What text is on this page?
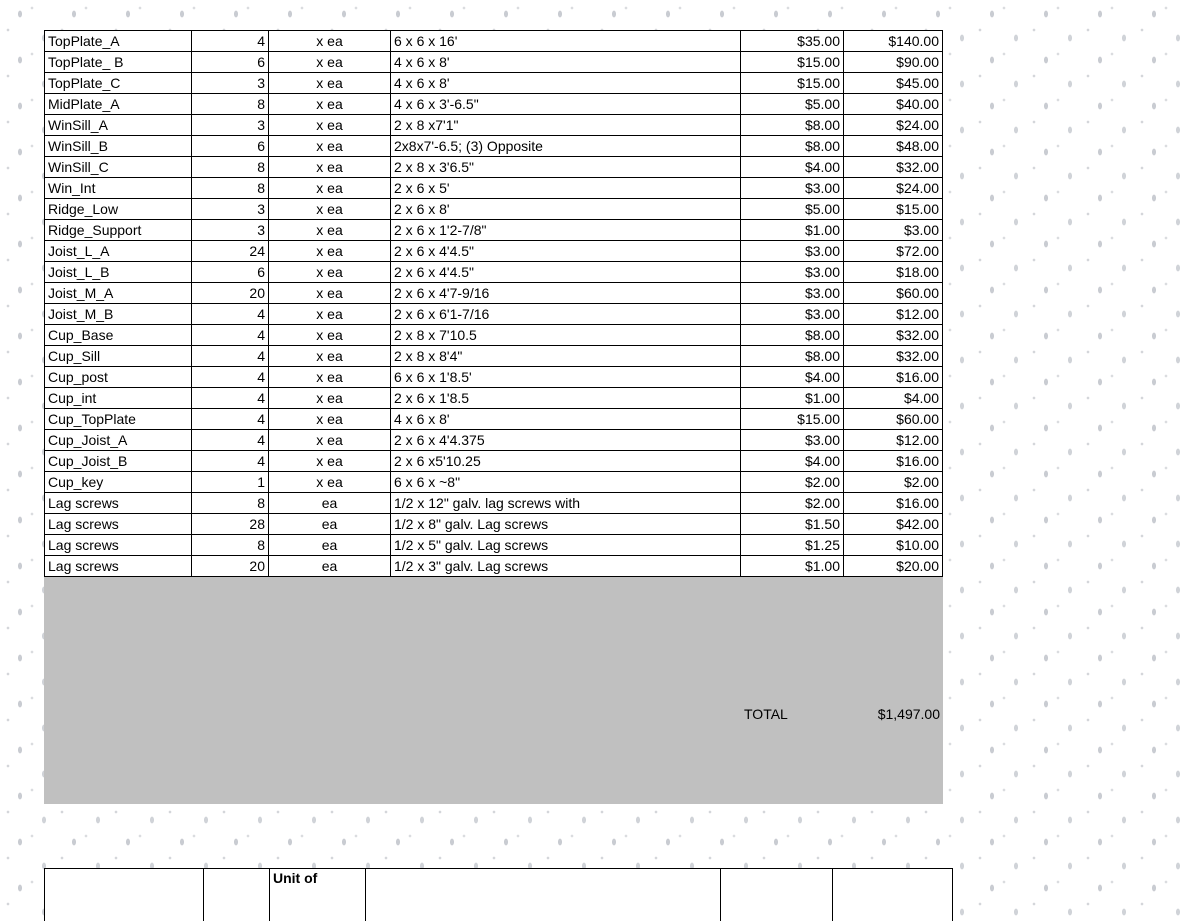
TopPlate_A	4	x ea	6 x 6 x 16'	$35.00	$140.00
TopPlate_ B	6	x ea	4 x 6 x 8'	$15.00	$90.00
TopPlate_C	3	x ea	4 x 6 x 8'	$15.00	$45.00
MidPlate_A	8	x ea	4 x 6 x 3'-6.5"	$5.00	$40.00
WinSill_A	3	x ea	2 x 8 x7'1"	$8.00	$24.00
WinSill_B	6	x ea	2x8x7'-6.5; (3) Opposite	$8.00	$48.00
WinSill_C	8	x ea	2 x 8 x 3'6.5"	$4.00	$32.00
Win_Int	8	x ea	2 x 6 x 5'	$3.00	$24.00
Ridge_Low	3	x ea	2 x 6 x 8'	$5.00	$15.00
Ridge_Support	3	x ea	2 x 6 x 1'2-7/8"	$1.00	$3.00
Joist_L_A	24	x ea	2 x 6 x 4'4.5"	$3.00	$72.00
Joist_L_B	6	x ea	2 x 6 x 4'4.5"	$3.00	$18.00
Joist_M_A	20	x ea	2 x 6 x 4'7-9/16	$3.00	$60.00
Joist_M_B	4	x ea	2 x 6 x 6'1-7/16	$3.00	$12.00
Cup_Base	4	x ea	2 x 8 x 7'10.5	$8.00	$32.00
Cup_Sill	4	x ea	2 x 8 x 8'4"	$8.00	$32.00
Cup_post	4	x ea	6 x 6 x 1'8.5'	$4.00	$16.00
Cup_int	4	x ea	2 x 6 x 1'8.5	$1.00	$4.00
Cup_TopPlate	4	x ea	4 x 6 x 8'	$15.00	$60.00
Cup_Joist_A	4	x ea	2 x 6 x 4'4.375	$3.00	$12.00
Cup_Joist_B	4	x ea	2 x 6 x5'10.25	$4.00	$16.00
Cup_key	1	x ea	6 x 6 x ~8"	$2.00	$2.00
Lag screws	8	ea	1/2 x 12" galv. lag screws with	$2.00	$16.00
Lag screws	28	ea	1/2 x 8" galv. Lag screws	$1.50	$42.00
Lag screws	8	ea	1/2 x 5" galv. Lag screws	$1.25	$10.00
Lag screws	20	ea	1/2 x 3" galv. Lag screws	$1.00	$20.00
TOTAL	$1,497.00
		Unit of			
